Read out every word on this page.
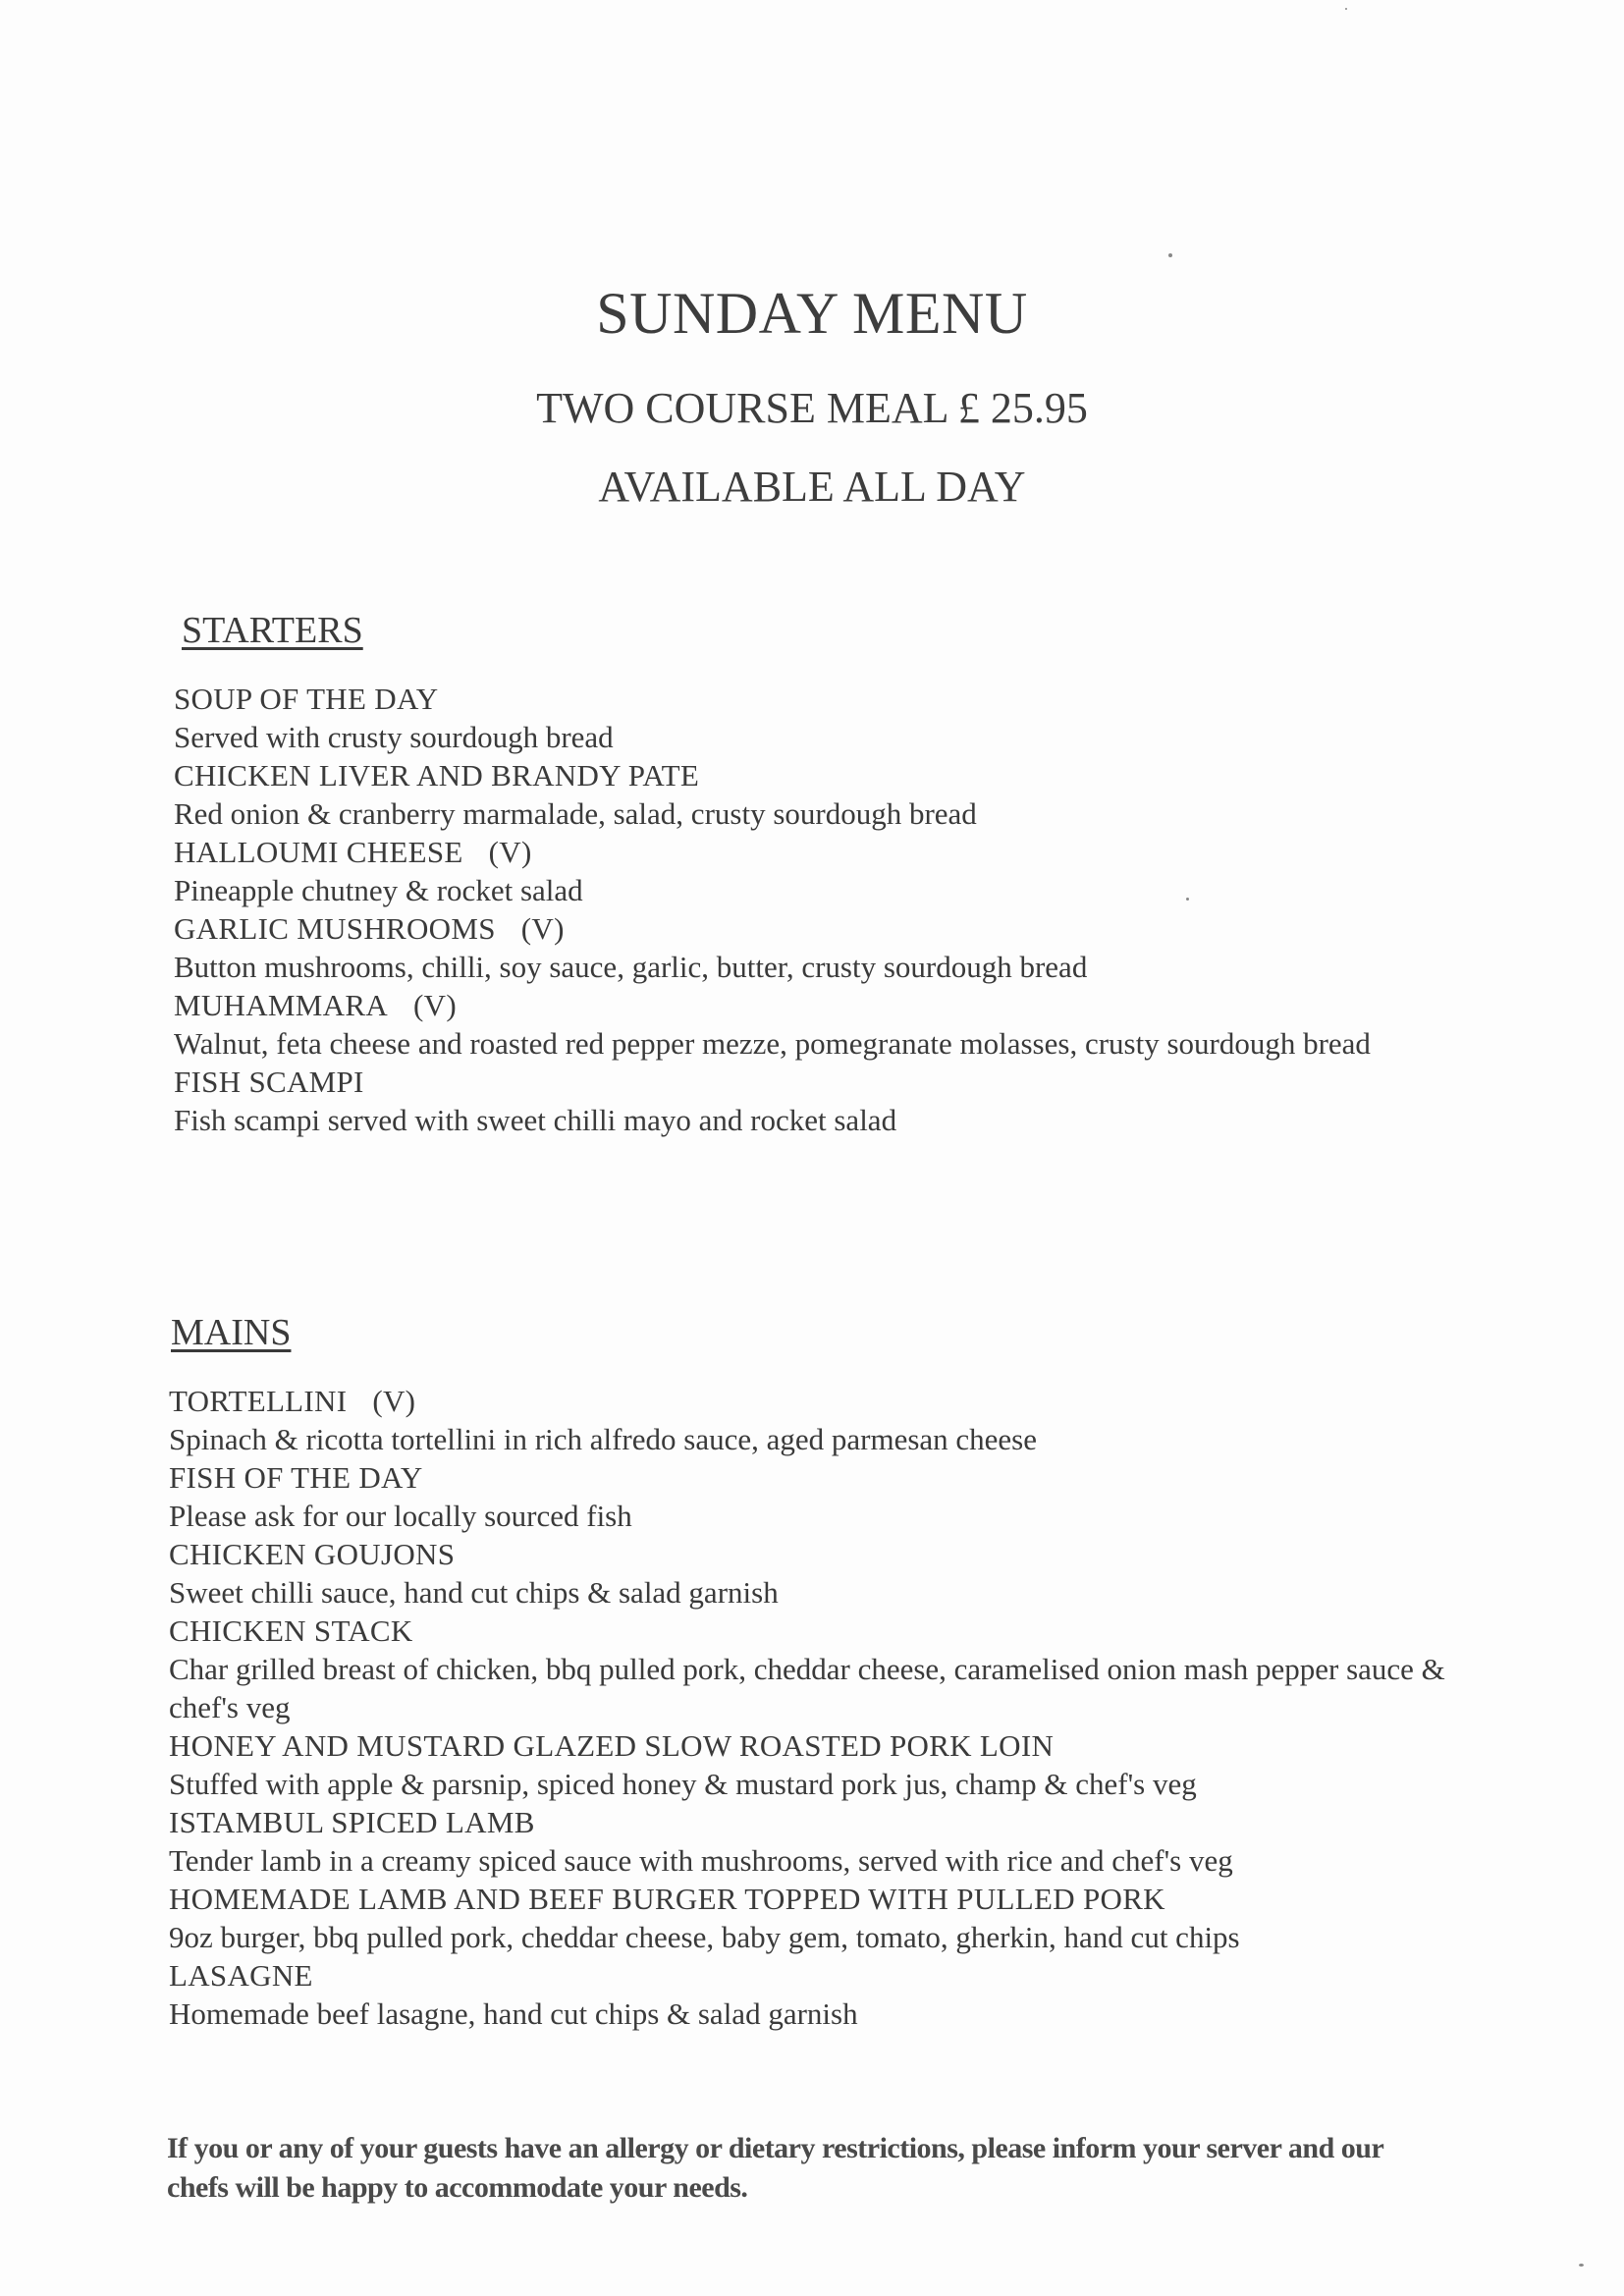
SUNDAY MENU
TWO COURSE MEAL £ 25.95
AVAILABLE ALL DAY
STARTERS
SOUP OF THE DAY
Served with crusty sourdough bread
CHICKEN LIVER AND BRANDY PATE
Red onion & cranberry marmalade, salad, crusty sourdough bread
HALLOUMI CHEESE (V)
Pineapple chutney & rocket salad
GARLIC MUSHROOMS (V)
Button mushrooms, chilli, soy sauce, garlic, butter, crusty sourdough bread
MUHAMMARA (V)
Walnut, feta cheese and roasted red pepper mezze, pomegranate molasses, crusty sourdough bread
FISH SCAMPI
Fish scampi served with sweet chilli mayo and rocket salad
MAINS
TORTELLINI (V)
Spinach & ricotta tortellini in rich alfredo sauce, aged parmesan cheese
FISH OF THE DAY
Please ask for our locally sourced fish
CHICKEN GOUJONS
Sweet chilli sauce, hand cut chips & salad garnish
CHICKEN STACK
Char grilled breast of chicken, bbq pulled pork, cheddar cheese, caramelised onion mash pepper sauce & chef's veg
HONEY AND MUSTARD GLAZED SLOW ROASTED PORK LOIN
Stuffed with apple & parsnip, spiced honey & mustard pork jus, champ & chef's veg
ISTAMBUL SPICED LAMB
Tender lamb in a creamy spiced sauce with mushrooms, served with rice and chef's veg
HOMEMADE LAMB AND BEEF BURGER TOPPED WITH PULLED PORK
9oz burger, bbq pulled pork, cheddar cheese, baby gem, tomato, gherkin, hand cut chips
LASAGNE
Homemade beef lasagne, hand cut chips & salad garnish
If you or any of your guests have an allergy or dietary restrictions, please inform your server and our chefs will be happy to accommodate your needs.
